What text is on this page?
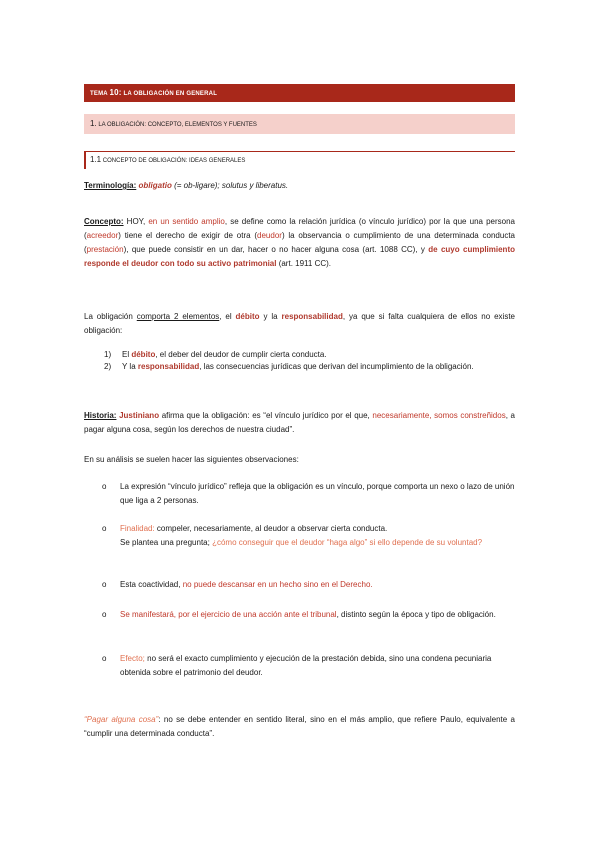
TEMA 10: LA OBLIGACIÓN EN GENERAL
1. LA OBLIGACIÓN: CONCEPTO, ELEMENTOS Y FUENTES
1.1 CONCEPTO DE OBLIGACIÓN: IDEAS GENERALES
Terminología: obligatio (= ob-ligare); solutus y liberatus.
Concepto: HOY, en un sentido amplio, se define como la relación jurídica (o vínculo jurídico) por la que una persona (acreedor) tiene el derecho de exigir de otra (deudor) la observancia o cumplimiento de una determinada conducta (prestación), que puede consistir en un dar, hacer o no hacer alguna cosa (art. 1088 CC), y de cuyo cumplimiento responde el deudor con todo su activo patrimonial (art. 1911 CC).
La obligación comporta 2 elementos, el débito y la responsabilidad, ya que si falta cualquiera de ellos no existe obligación:
1)	El débito, el deber del deudor de cumplir cierta conducta.
2)	Y la responsabilidad, las consecuencias jurídicas que derivan del incumplimiento de la obligación.
Historia: Justiniano afirma que la obligación: es “el vínculo jurídico por el que, necesariamente, somos constreñidos, a pagar alguna cosa, según los derechos de nuestra ciudad”.
En su análisis se suelen hacer las siguientes observaciones:
o La expresión “vínculo jurídico” refleja que la obligación es un vínculo, porque comporta un nexo o lazo de unión que liga a 2 personas.
o Finalidad: compeler, necesariamente, al deudor a observar cierta conducta.
Se plantea una pregunta; ¿cómo conseguir que el deudor “haga algo” si ello depende de su voluntad?
o Esta coactividad, no puede descansar en un hecho sino en el Derecho.
o Se manifestará, por el ejercicio de una acción ante el tribunal, distinto según la época y tipo de obligación.
o Efecto; no será el exacto cumplimiento y ejecución de la prestación debida, sino una condena pecuniaria obtenida sobre el patrimonio del deudor.
“Pagar alguna cosa”: no se debe entender en sentido literal, sino en el más amplio, que refiere Paulo, equivalente a “cumplir una determinada conducta”.
